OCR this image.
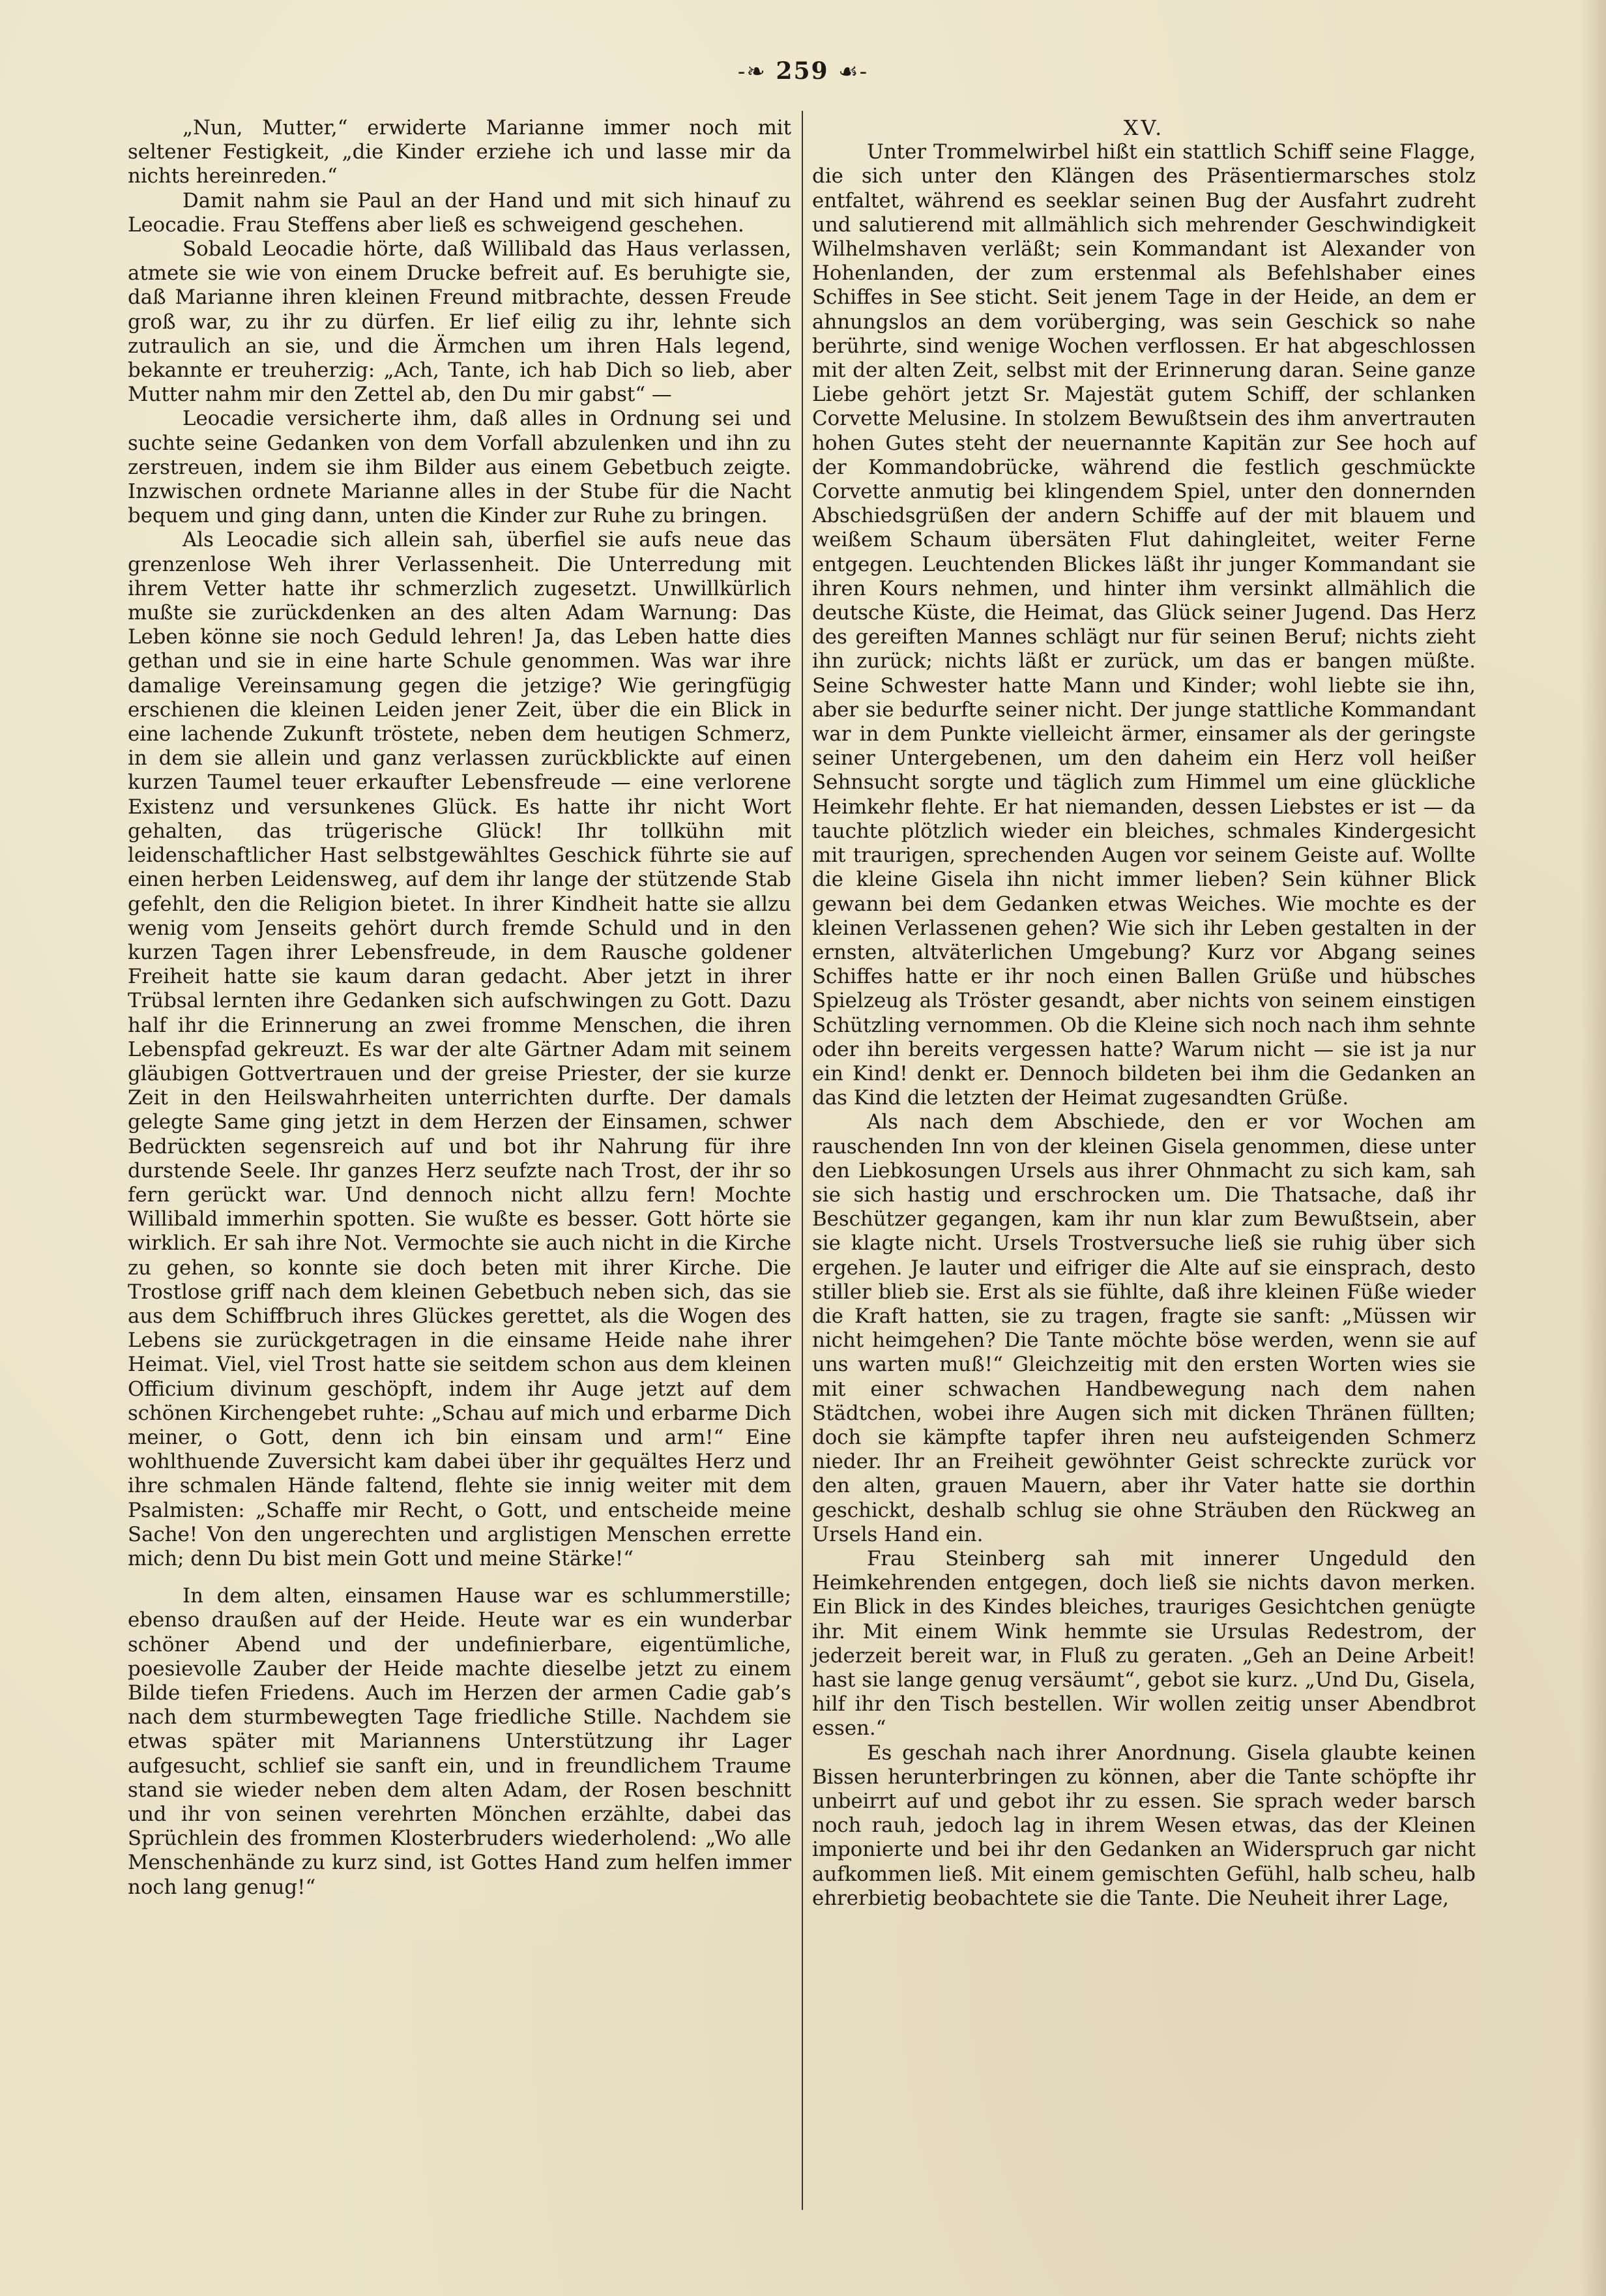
-❧ 259 ☙-

„Nun, Mutter,“ erwiderte Marianne immer noch mit seltener Festigkeit, „die Kinder erziehe ich und lasse mir da nichts hereinreden.“

Damit nahm sie Paul an der Hand und mit sich hinauf zu Leocadie. Frau Steffens aber ließ es schweigend geschehen.

Sobald Leocadie hörte, daß Willibald das Haus verlassen, atmete sie wie von einem Drucke befreit auf. Es beruhigte sie, daß Marianne ihren kleinen Freund mitbrachte, dessen Freude groß war, zu ihr zu dürfen. Er lief eilig zu ihr, lehnte sich zutraulich an sie, und die Ärmchen um ihren Hals legend, bekannte er treuherzig: „Ach, Tante, ich hab Dich so lieb, aber Mutter nahm mir den Zettel ab, den Du mir gabst“ —

Leocadie versicherte ihm, daß alles in Ordnung sei und suchte seine Gedanken von dem Vorfall abzulenken und ihn zu zerstreuen, indem sie ihm Bilder aus einem Gebetbuch zeigte. Inzwischen ordnete Marianne alles in der Stube für die Nacht bequem und ging dann, unten die Kinder zur Ruhe zu bringen.

Als Leocadie sich allein sah, überfiel sie aufs neue das grenzenlose Weh ihrer Verlassenheit. Die Unterredung mit ihrem Vetter hatte ihr schmerzlich zugesetzt. Unwillkürlich mußte sie zurückdenken an des alten Adam Warnung: Das Leben könne sie noch Geduld lehren! Ja, das Leben hatte dies gethan und sie in eine harte Schule genommen. Was war ihre damalige Vereinsamung gegen die jetzige? Wie geringfügig erschienen die kleinen Leiden jener Zeit, über die ein Blick in eine lachende Zukunft tröstete, neben dem heutigen Schmerz, in dem sie allein und ganz verlassen zurückblickte auf einen kurzen Taumel teuer erkaufter Lebensfreude — eine verlorene Existenz und versunkenes Glück. Es hatte ihr nicht Wort gehalten, das trügerische Glück! Ihr tollkühn mit leidenschaftlicher Hast selbstgewähltes Geschick führte sie auf einen herben Leidensweg, auf dem ihr lange der stützende Stab gefehlt, den die Religion bietet. In ihrer Kindheit hatte sie allzu wenig vom Jenseits gehört durch fremde Schuld und in den kurzen Tagen ihrer Lebensfreude, in dem Rausche goldener Freiheit hatte sie kaum daran gedacht. Aber jetzt in ihrer Trübsal lernten ihre Gedanken sich aufschwingen zu Gott. Dazu half ihr die Erinnerung an zwei fromme Menschen, die ihren Lebenspfad gekreuzt. Es war der alte Gärtner Adam mit seinem gläubigen Gottvertrauen und der greise Priester, der sie kurze Zeit in den Heilswahrheiten unterrichten durfte. Der damals gelegte Same ging jetzt in dem Herzen der Einsamen, schwer Bedrückten segensreich auf und bot ihr Nahrung für ihre durstende Seele. Ihr ganzes Herz seufzte nach Trost, der ihr so fern gerückt war. Und dennoch nicht allzu fern! Mochte Willibald immerhin spotten. Sie wußte es besser. Gott hörte sie wirklich. Er sah ihre Not. Vermochte sie auch nicht in die Kirche zu gehen, so konnte sie doch beten mit ihrer Kirche. Die Trostlose griff nach dem kleinen Gebetbuch neben sich, das sie aus dem Schiffbruch ihres Glückes gerettet, als die Wogen des Lebens sie zurückgetragen in die einsame Heide nahe ihrer Heimat. Viel, viel Trost hatte sie seitdem schon aus dem kleinen Officium divinum geschöpft, indem ihr Auge jetzt auf dem schönen Kirchengebet ruhte: „Schau auf mich und erbarme Dich meiner, o Gott, denn ich bin einsam und arm!“ Eine wohlthuende Zuversicht kam dabei über ihr gequältes Herz und ihre schmalen Hände faltend, flehte sie innig weiter mit dem Psalmisten: „Schaffe mir Recht, o Gott, und entscheide meine Sache! Von den ungerechten und arglistigen Menschen errette mich; denn Du bist mein Gott und meine Stärke!“

In dem alten, einsamen Hause war es schlummerstille; ebenso draußen auf der Heide. Heute war es ein wunderbar schöner Abend und der undefinierbare, eigentümliche, poesievolle Zauber der Heide machte dieselbe jetzt zu einem Bilde tiefen Friedens. Auch im Herzen der armen Cadie gab’s nach dem sturmbewegten Tage friedliche Stille. Nachdem sie etwas später mit Mariannens Unterstützung ihr Lager aufgesucht, schlief sie sanft ein, und in freundlichem Traume stand sie wieder neben dem alten Adam, der Rosen beschnitt und ihr von seinen verehrten Mönchen erzählte, dabei das Sprüchlein des frommen Klosterbruders wiederholend: „Wo alle Menschenhände zu kurz sind, ist Gottes Hand zum helfen immer noch lang genug!“

XV.

Unter Trommelwirbel hißt ein stattlich Schiff seine Flagge, die sich unter den Klängen des Präsentiermarsches stolz entfaltet, während es seeklar seinen Bug der Ausfahrt zudreht und salutierend mit allmählich sich mehrender Geschwindigkeit Wilhelmshaven verläßt; sein Kommandant ist Alexander von Hohenlanden, der zum erstenmal als Befehlshaber eines Schiffes in See sticht. Seit jenem Tage in der Heide, an dem er ahnungslos an dem vorüberging, was sein Geschick so nahe berührte, sind wenige Wochen verflossen. Er hat abgeschlossen mit der alten Zeit, selbst mit der Erinnerung daran. Seine ganze Liebe gehört jetzt Sr. Majestät gutem Schiff, der schlanken Corvette Melusine. In stolzem Bewußtsein des ihm anvertrauten hohen Gutes steht der neuernannte Kapitän zur See hoch auf der Kommandobrücke, während die festlich geschmückte Corvette anmutig bei klingendem Spiel, unter den donnernden Abschiedsgrüßen der andern Schiffe auf der mit blauem und weißem Schaum übersäten Flut dahingleitet, weiter Ferne entgegen. Leuchtenden Blickes läßt ihr junger Kommandant sie ihren Kours nehmen, und hinter ihm versinkt allmählich die deutsche Küste, die Heimat, das Glück seiner Jugend. Das Herz des gereiften Mannes schlägt nur für seinen Beruf; nichts zieht ihn zurück; nichts läßt er zurück, um das er bangen müßte. Seine Schwester hatte Mann und Kinder; wohl liebte sie ihn, aber sie bedurfte seiner nicht. Der junge stattliche Kommandant war in dem Punkte vielleicht ärmer, einsamer als der geringste seiner Untergebenen, um den daheim ein Herz voll heißer Sehnsucht sorgte und täglich zum Himmel um eine glückliche Heimkehr flehte. Er hat niemanden, dessen Liebstes er ist — da tauchte plötzlich wieder ein bleiches, schmales Kindergesicht mit traurigen, sprechenden Augen vor seinem Geiste auf. Wollte die kleine Gisela ihn nicht immer lieben? Sein kühner Blick gewann bei dem Gedanken etwas Weiches. Wie mochte es der kleinen Verlassenen gehen? Wie sich ihr Leben gestalten in der ernsten, altväterlichen Umgebung? Kurz vor Abgang seines Schiffes hatte er ihr noch einen Ballen Grüße und hübsches Spielzeug als Tröster gesandt, aber nichts von seinem einstigen Schützling vernommen. Ob die Kleine sich noch nach ihm sehnte oder ihn bereits vergessen hatte? Warum nicht — sie ist ja nur ein Kind! denkt er. Dennoch bildeten bei ihm die Gedanken an das Kind die letzten der Heimat zugesandten Grüße.

Als nach dem Abschiede, den er vor Wochen am rauschenden Inn von der kleinen Gisela genommen, diese unter den Liebkosungen Ursels aus ihrer Ohnmacht zu sich kam, sah sie sich hastig und erschrocken um. Die Thatsache, daß ihr Beschützer gegangen, kam ihr nun klar zum Bewußtsein, aber sie klagte nicht. Ursels Trostversuche ließ sie ruhig über sich ergehen. Je lauter und eifriger die Alte auf sie einsprach, desto stiller blieb sie. Erst als sie fühlte, daß ihre kleinen Füße wieder die Kraft hatten, sie zu tragen, fragte sie sanft: „Müssen wir nicht heimgehen? Die Tante möchte böse werden, wenn sie auf uns warten muß!“ Gleichzeitig mit den ersten Worten wies sie mit einer schwachen Handbewegung nach dem nahen Städtchen, wobei ihre Augen sich mit dicken Thränen füllten; doch sie kämpfte tapfer ihren neu aufsteigenden Schmerz nieder. Ihr an Freiheit gewöhnter Geist schreckte zurück vor den alten, grauen Mauern, aber ihr Vater hatte sie dorthin geschickt, deshalb schlug sie ohne Sträuben den Rückweg an Ursels Hand ein.

Frau Steinberg sah mit innerer Ungeduld den Heimkehrenden entgegen, doch ließ sie nichts davon merken. Ein Blick in des Kindes bleiches, trauriges Gesichtchen genügte ihr. Mit einem Wink hemmte sie Ursulas Redestrom, der jederzeit bereit war, in Fluß zu geraten. „Geh an Deine Arbeit! hast sie lange genug versäumt“, gebot sie kurz. „Und Du, Gisela, hilf ihr den Tisch bestellen. Wir wollen zeitig unser Abendbrot essen.“

Es geschah nach ihrer Anordnung. Gisela glaubte keinen Bissen herunterbringen zu können, aber die Tante schöpfte ihr unbeirrt auf und gebot ihr zu essen. Sie sprach weder barsch noch rauh, jedoch lag in ihrem Wesen etwas, das der Kleinen imponierte und bei ihr den Gedanken an Widerspruch gar nicht aufkommen ließ. Mit einem gemischten Gefühl, halb scheu, halb ehrerbietig beobachtete sie die Tante. Die Neuheit ihrer Lage,
